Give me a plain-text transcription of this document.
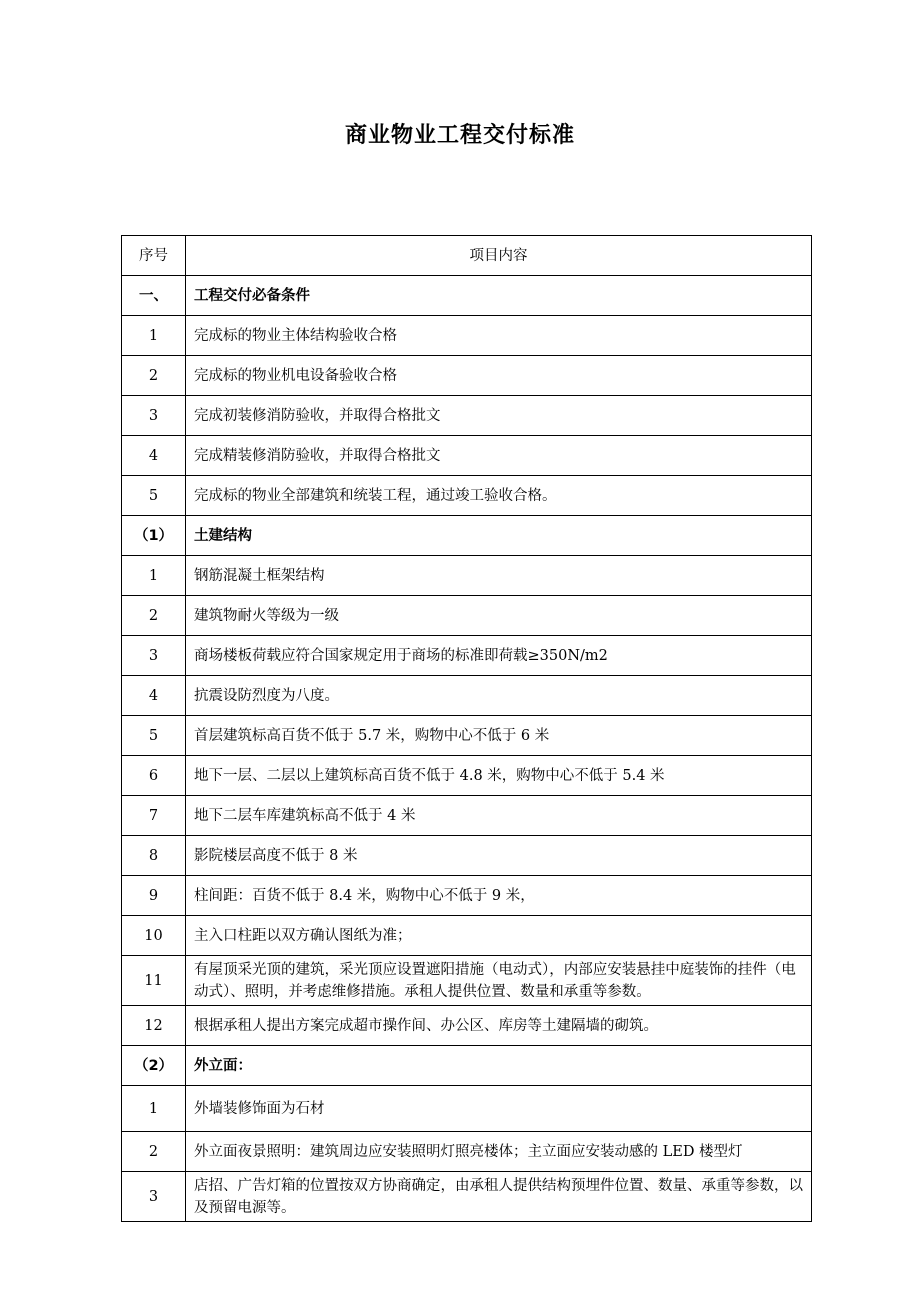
商业物业工程交付标准
序号	项目内容
一、	工程交付必备条件
1	完成标的物业主体结构验收合格
2	完成标的物业机电设备验收合格
3	完成初装修消防验收，并取得合格批文
4	完成精装修消防验收，并取得合格批文
5	完成标的物业全部建筑和统装工程，通过竣工验收合格。
（1）	土建结构
1	钢筋混凝土框架结构
2	建筑物耐火等级为一级
3	商场楼板荷载应符合国家规定用于商场的标准即荷载≥350N/m2
4	抗震设防烈度为八度。
5	首层建筑标高百货不低于 5.7 米，购物中心不低于 6 米
6	地下一层、二层以上建筑标高百货不低于 4.8 米，购物中心不低于 5.4 米
7	地下二层车库建筑标高不低于 4 米
8	影院楼层高度不低于 8 米
9	柱间距：百货不低于 8.4 米，购物中心不低于 9 米，
10	主入口柱距以双方确认图纸为准；
11	有屋顶采光顶的建筑，采光顶应设置遮阳措施（电动式），内部应安装悬挂中庭装饰的挂件（电动式）、照明，并考虑维修措施。承租人提供位置、数量和承重等参数。
12	根据承租人提出方案完成超市操作间、办公区、库房等土建隔墙的砌筑。
（2）	外立面：
1	外墙装修饰面为石材
2	外立面夜景照明：建筑周边应安装照明灯照亮楼体；主立面应安装动感的 LED 楼型灯
3	店招、广告灯箱的位置按双方协商确定，由承租人提供结构预埋件位置、数量、承重等参数，以及预留电源等。
